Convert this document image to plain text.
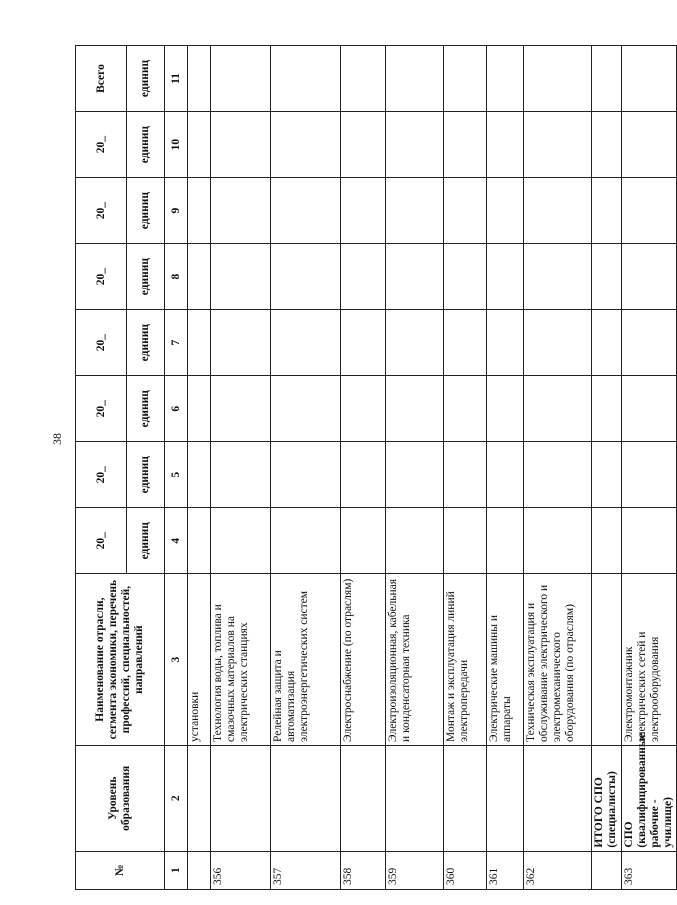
38
№	Уровень образования	Наименование отрасли, сегмента экономики, перечень профессий, специальностей, направлений	20_	20_	20_	20_	20_	20_	20_	Всего
			единиц	единиц	единиц	единиц	единиц	единиц	единиц	единиц
1	2	3	4	5	6	7	8	9	10	11
		установки								
356		Технология воды, топлива и смазочных материалов на электрических станциях								
357		Релейная защита и автоматизация электроэнергетических систем								
358		Электроснабжение (по отраслям)								
359		Электроизоляционная, кабельная и конденсаторная техника								
360		Монтаж и эксплуатация линий электропередачи								
361		Электрические машины и аппараты								
362		Техническая эксплуатация и обслуживание электрического и электромеханического оборудования (по отраслям)								
	ИТОГО СПО (специалисты)									
363	СПО (квалифицированные рабочие - училище)	Электромонтажник электрических сетей и электрооборудования								
